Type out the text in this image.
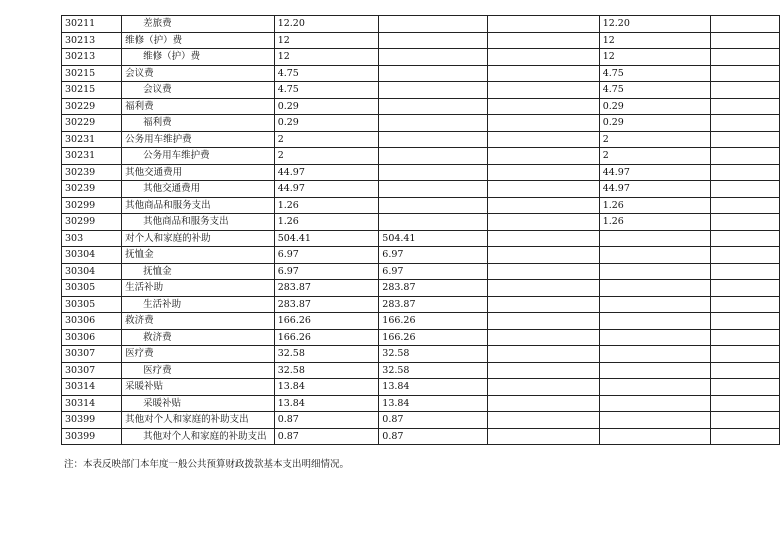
30211	差旅费	12.20			12.20	
30213	维修（护）费	12			12	
30213	维修（护）费	12			12	
30215	会议费	4.75			4.75	
30215	会议费	4.75			4.75	
30229	福利费	0.29			0.29	
30229	福利费	0.29			0.29	
30231	公务用车维护费	2			2	
30231	公务用车维护费	2			2	
30239	其他交通费用	44.97			44.97	
30239	其他交通费用	44.97			44.97	
30299	其他商品和服务支出	1.26			1.26	
30299	其他商品和服务支出	1.26			1.26	
303	对个人和家庭的补助	504.41	504.41			
30304	抚恤金	6.97	6.97			
30304	抚恤金	6.97	6.97			
30305	生活补助	283.87	283.87			
30305	生活补助	283.87	283.87			
30306	救济费	166.26	166.26			
30306	救济费	166.26	166.26			
30307	医疗费	32.58	32.58			
30307	医疗费	32.58	32.58			
30314	采暖补贴	13.84	13.84			
30314	采暖补贴	13.84	13.84			
30399	其他对个人和家庭的补助支出	0.87	0.87			
30399	其他对个人和家庭的补助支出	0.87	0.87			
注：本表反映部门本年度一般公共预算财政拨款基本支出明细情况。
